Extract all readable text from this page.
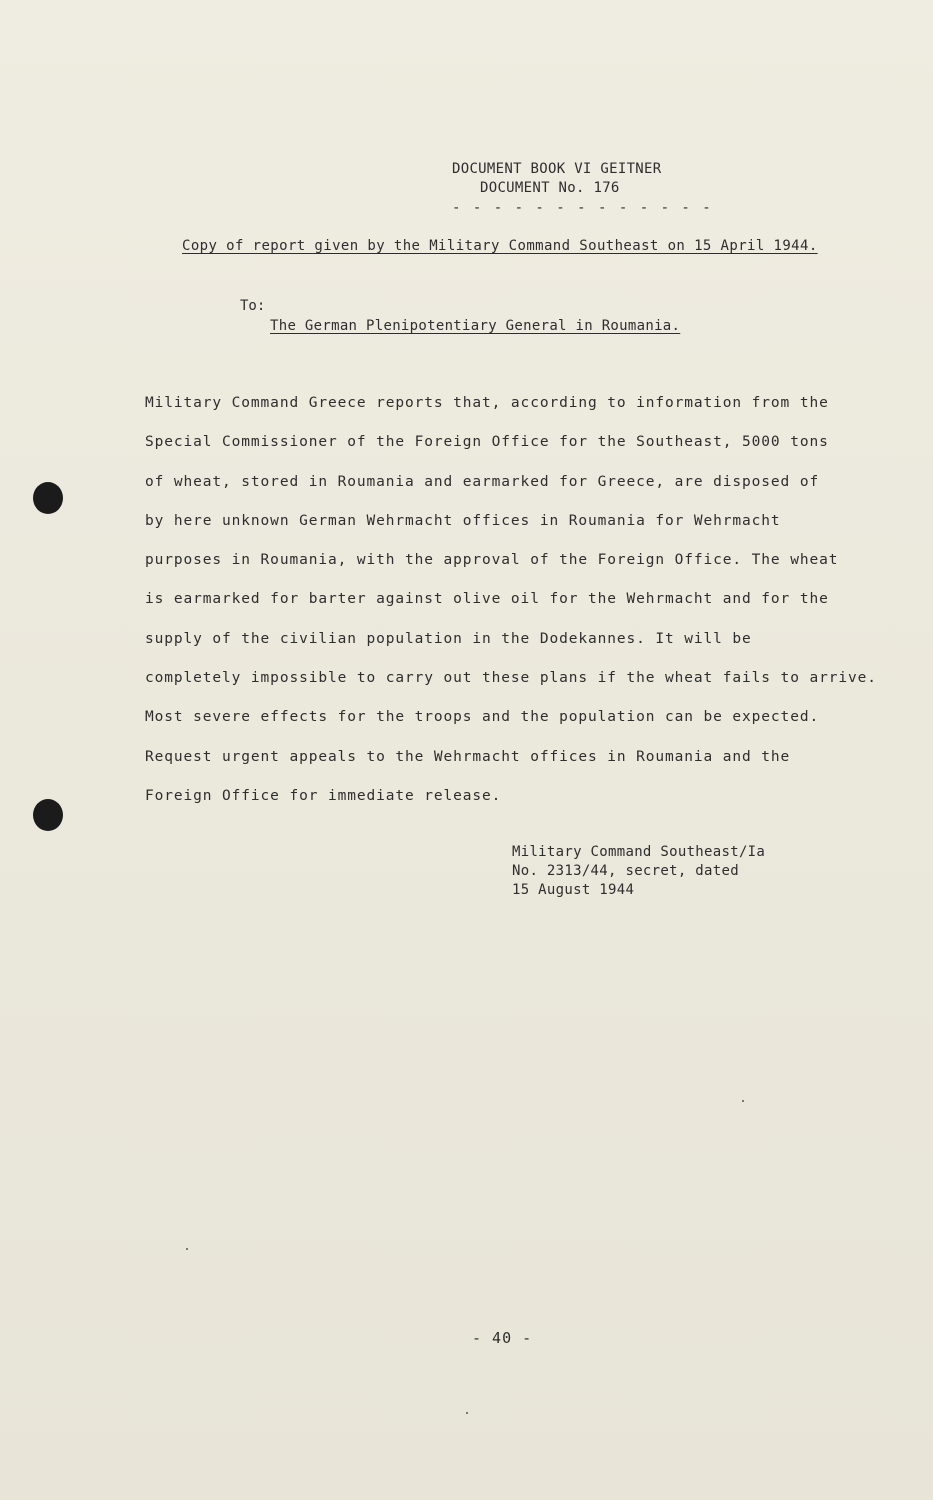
DOCUMENT BOOK VI GEITNER
DOCUMENT No. 176
- - - - - - - - - - - - -
Copy of report given by the Military Command Southeast on 15 April 1944.
To:
The German Plenipotentiary General in Roumania.
Military Command Greece reports that, according to information from the
Special Commissioner of the Foreign Office for the Southeast, 5000 tons
of wheat, stored in Roumania and earmarked for Greece, are disposed of
by here unknown German Wehrmacht offices in Roumania for Wehrmacht
purposes in Roumania, with the approval of the Foreign Office. The wheat
is earmarked for barter against olive oil for the Wehrmacht and for the
supply of the civilian population in the Dodekannes. It will be
completely impossible to carry out these plans if the wheat fails to arrive.
Most severe effects for the troops and the population can be expected.
Request urgent appeals to the Wehrmacht offices in Roumania and the
Foreign Office for immediate release.
Military Command Southeast/Ia
No. 2313/44, secret, dated
15 August 1944
- 40 -
